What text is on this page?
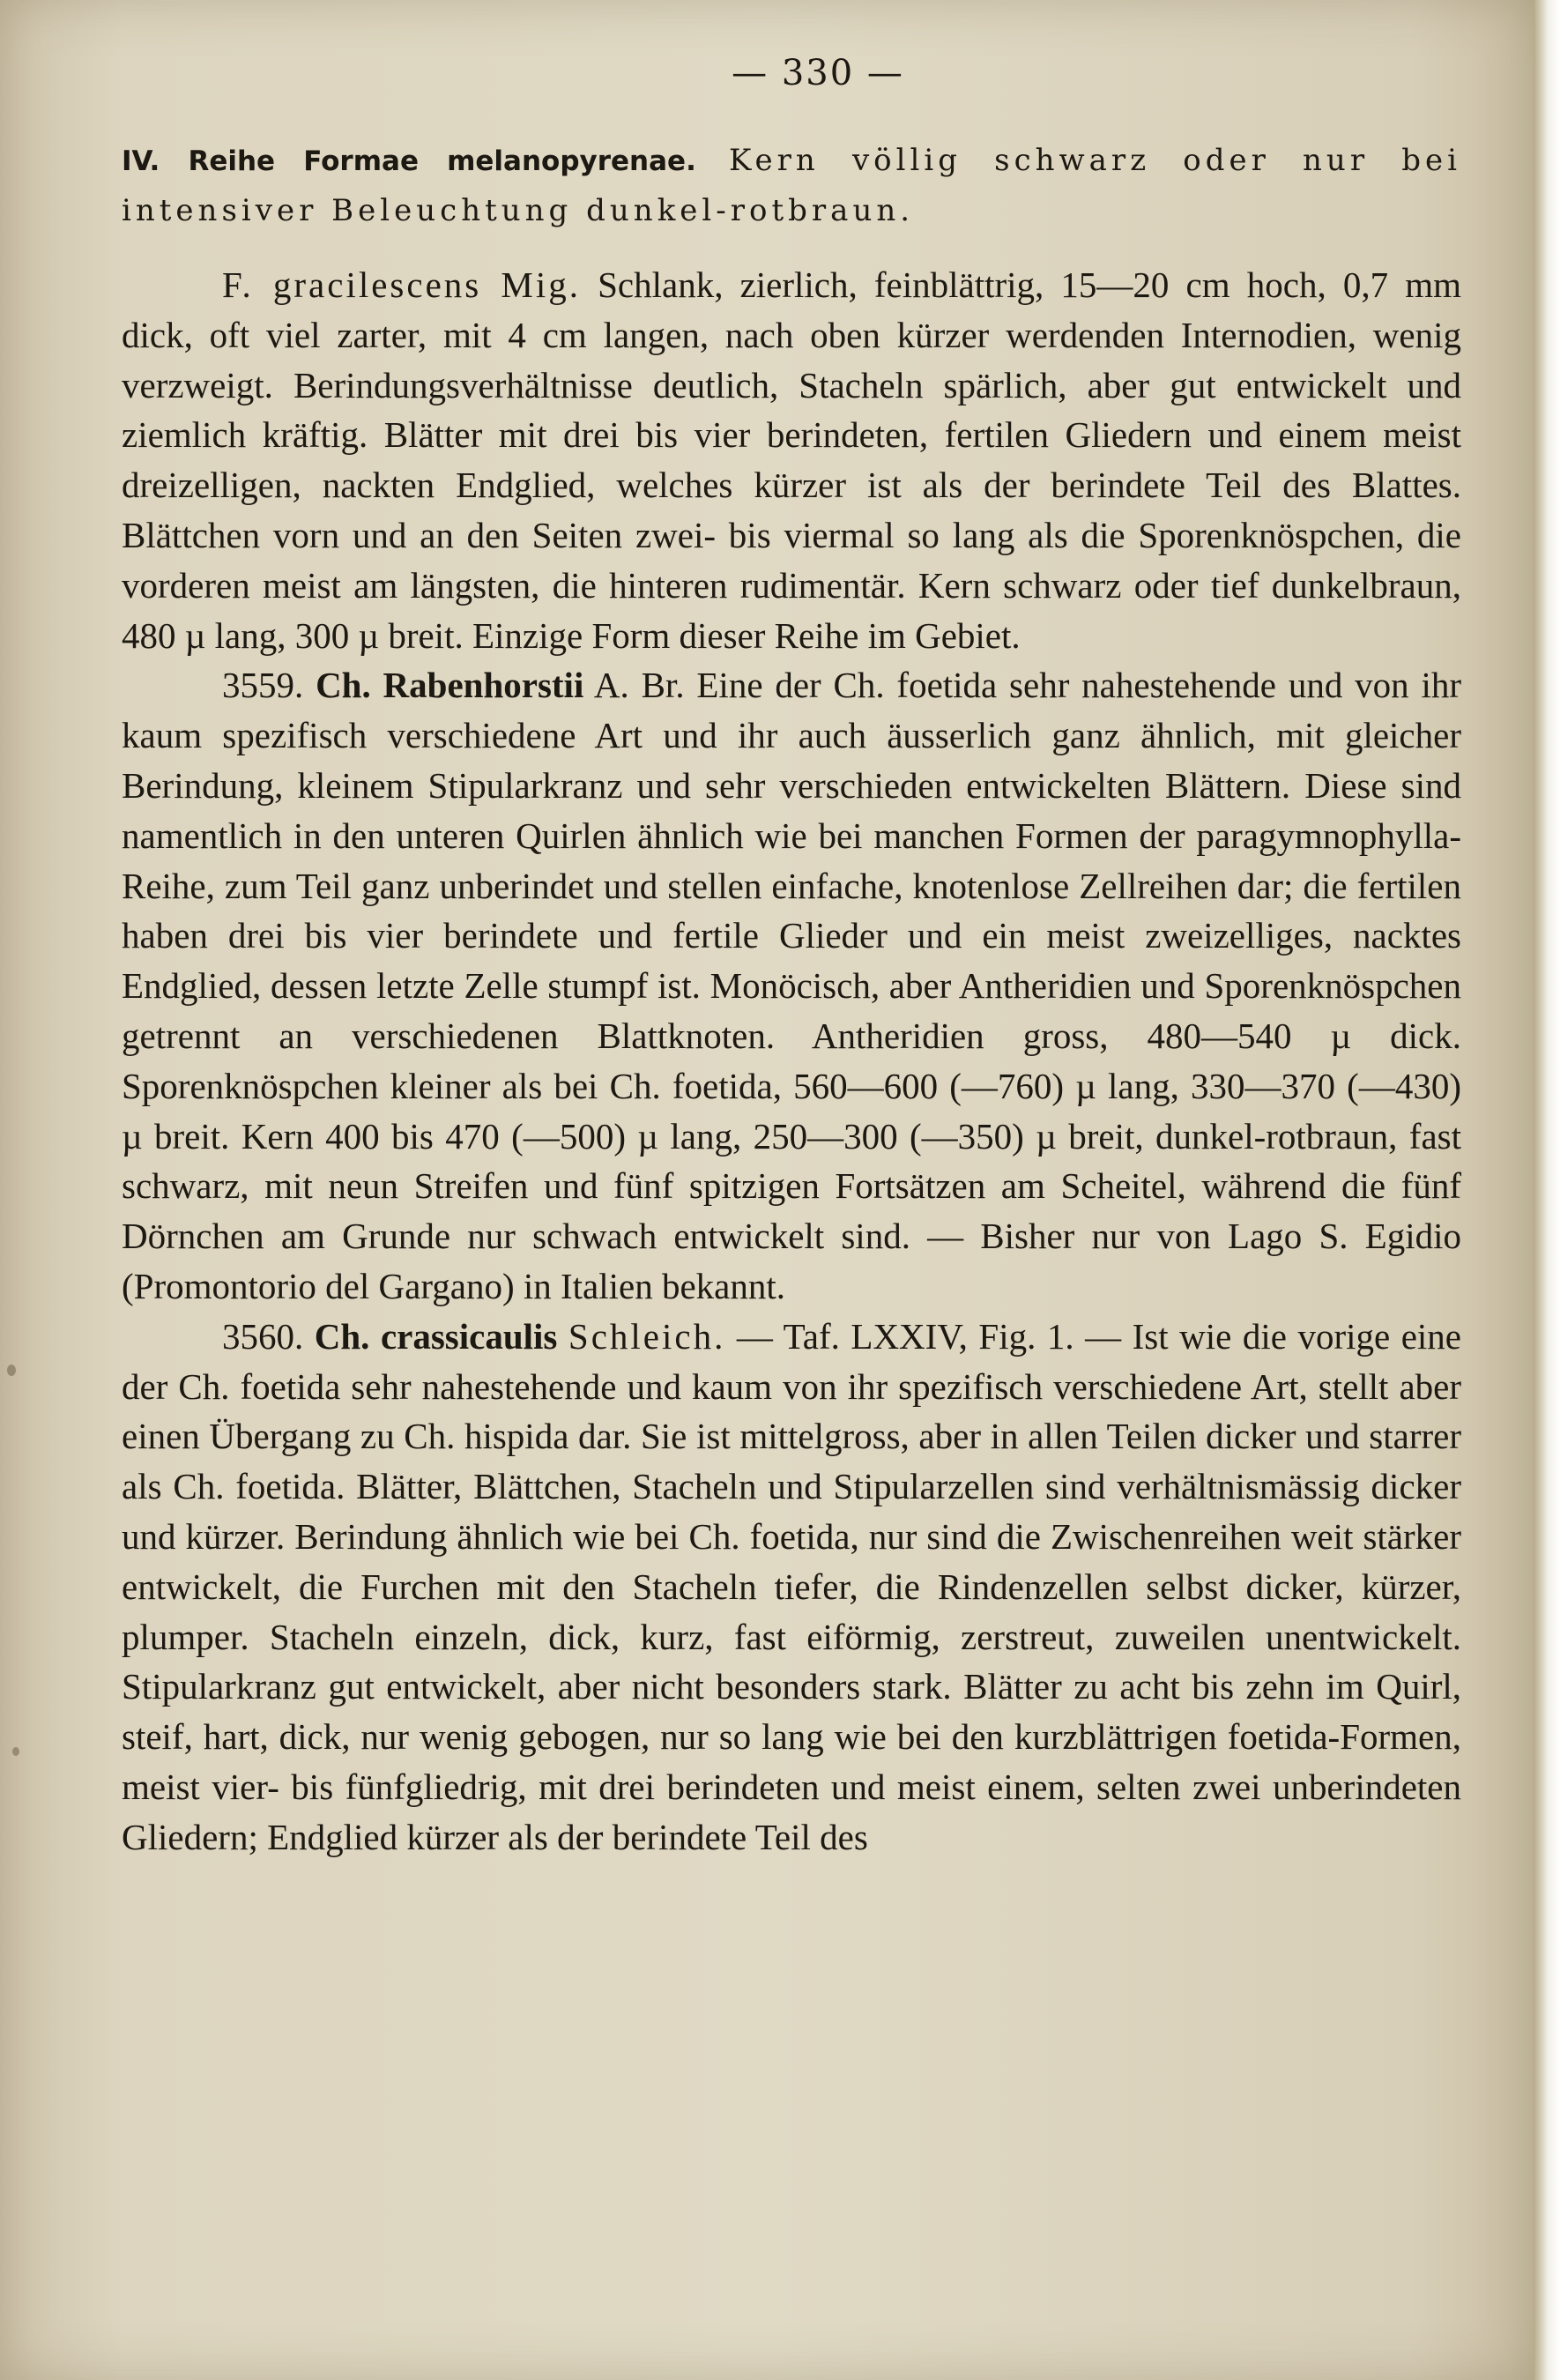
— 330 —
IV. Reihe Formae melanopyrenae. Kern völlig schwarz oder nur bei intensiver Beleuchtung dunkel-rotbraun.

F. gracilescens Mig. Schlank, zierlich, feinblättrig, 15—20 cm hoch, 0,7 mm dick, oft viel zarter, mit 4 cm langen, nach oben kürzer werdenden Internodien, wenig verzweigt. Berindungsverhältnisse deutlich, Stacheln spärlich, aber gut entwickelt und ziemlich kräftig. Blätter mit drei bis vier berindeten, fertilen Gliedern und einem meist dreizelligen, nackten Endglied, welches kürzer ist als der berindete Teil des Blattes. Blättchen vorn und an den Seiten zwei- bis viermal so lang als die Sporenknöspchen, die vorderen meist am längsten, die hinteren rudimentär. Kern schwarz oder tief dunkelbraun, 480 µ lang, 300 µ breit. Einzige Form dieser Reihe im Gebiet.

3559. Ch. Rabenhorstii A. Br. Eine der Ch. foetida sehr nahestehende und von ihr kaum spezifisch verschiedene Art und ihr auch äusserlich ganz ähnlich, mit gleicher Berindung, kleinem Stipularkranz und sehr verschieden entwickelten Blättern. Diese sind namentlich in den unteren Quirlen ähnlich wie bei manchen Formen der paragymnophylla-Reihe, zum Teil ganz unberindet und stellen einfache, knotenlose Zellreihen dar; die fertilen haben drei bis vier berindete und fertile Glieder und ein meist zweizelliges, nacktes Endglied, dessen letzte Zelle stumpf ist. Monöcisch, aber Antheridien und Sporenknöspchen getrennt an verschiedenen Blattknoten. Antheridien gross, 480—540 µ dick. Sporenknöspchen kleiner als bei Ch. foetida, 560—600 (—760) µ lang, 330—370 (—430) µ breit. Kern 400 bis 470 (—500) µ lang, 250—300 (—350) µ breit, dunkel-rotbraun, fast schwarz, mit neun Streifen und fünf spitzigen Fortsätzen am Scheitel, während die fünf Dörnchen am Grunde nur schwach entwickelt sind. — Bisher nur von Lago S. Egidio (Promontorio del Gargano) in Italien bekannt.

3560. Ch. crassicaulis Schleich. — Taf. LXXIV, Fig. 1. — Ist wie die vorige eine der Ch. foetida sehr nahestehende und kaum von ihr spezifisch verschiedene Art, stellt aber einen Übergang zu Ch. hispida dar. Sie ist mittelgross, aber in allen Teilen dicker und starrer als Ch. foetida. Blätter, Blättchen, Stacheln und Stipularzellen sind verhältnismässig dicker und kürzer. Berindung ähnlich wie bei Ch. foetida, nur sind die Zwischenreihen weit stärker entwickelt, die Furchen mit den Stacheln tiefer, die Rindenzellen selbst dicker, kürzer, plumper. Stacheln einzeln, dick, kurz, fast eiförmig, zerstreut, zuweilen unentwickelt. Stipularkranz gut entwickelt, aber nicht besonders stark. Blätter zu acht bis zehn im Quirl, steif, hart, dick, nur wenig gebogen, nur so lang wie bei den kurzblättrigen foetida-Formen, meist vier- bis fünfgliedrig, mit drei berindeten und meist einem, selten zwei unberindeten Gliedern; Endglied kürzer als der berindete Teil des
